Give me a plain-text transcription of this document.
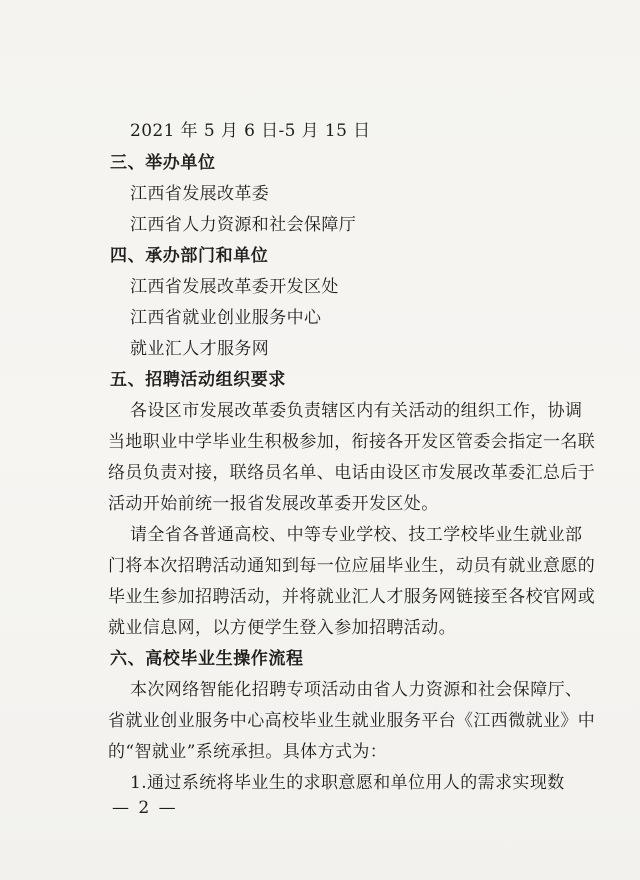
2021 年 5 月 6 日-5 月 15 日
三、举办单位
江西省发展改革委
江西省人力资源和社会保障厅
四、承办部门和单位
江西省发展改革委开发区处
江西省就业创业服务中心
就业汇人才服务网
五、招聘活动组织要求
各设区市发展改革委负责辖区内有关活动的组织工作，协调
当地职业中学毕业生积极参加，衔接各开发区管委会指定一名联
络员负责对接，联络员名单、电话由设区市发展改革委汇总后于
活动开始前统一报省发展改革委开发区处。
请全省各普通高校、中等专业学校、技工学校毕业生就业部
门将本次招聘活动通知到每一位应届毕业生，动员有就业意愿的
毕业生参加招聘活动，并将就业汇人才服务网链接至各校官网或
就业信息网，以方便学生登入参加招聘活动。
六、高校毕业生操作流程
本次网络智能化招聘专项活动由省人力资源和社会保障厅、
省就业创业服务中心高校毕业生就业服务平台《江西微就业》中
的“智就业”系统承担。具体方式为：
1.通过系统将毕业生的求职意愿和单位用人的需求实现数
— 2 —
